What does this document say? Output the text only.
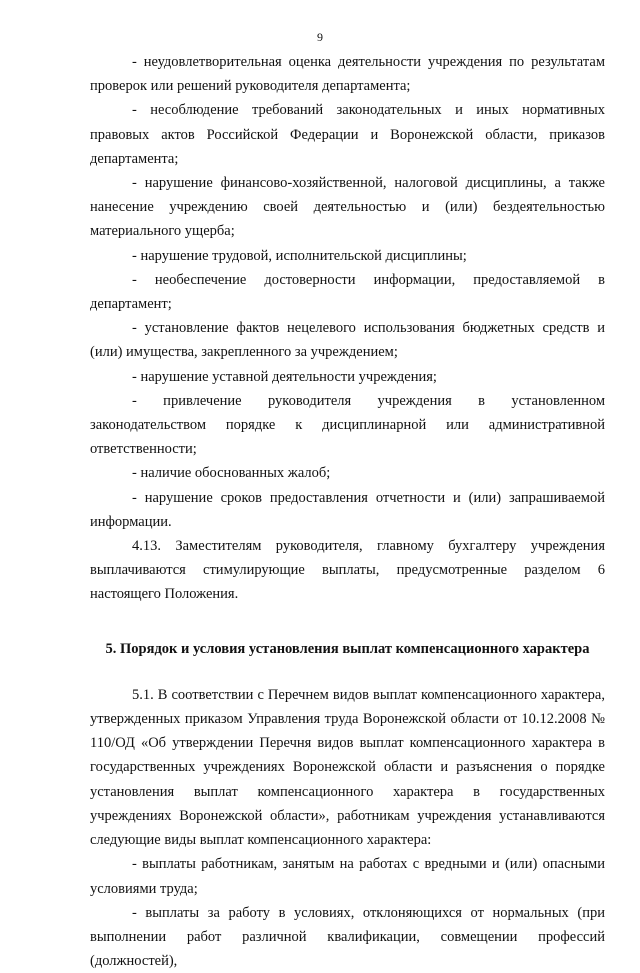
9

- неудовлетворительная оценка деятельности учреждения по результатам проверок или решений руководителя департамента;

- несоблюдение требований законодательных и иных нормативных правовых актов Российской Федерации и Воронежской области, приказов департамента;

- нарушение финансово-хозяйственной, налоговой дисциплины, а также нанесение учреждению своей деятельностью и (или) бездеятельностью материального ущерба;

- нарушение трудовой, исполнительской дисциплины;

- необеспечение достоверности информации, предоставляемой в департамент;

- установление фактов нецелевого использования бюджетных средств и (или) имущества, закрепленного за учреждением;

- нарушение уставной деятельности учреждения;

- привлечение руководителя учреждения в установленном законодательством порядке к дисциплинарной или административной ответственности;

- наличие обоснованных жалоб;

- нарушение сроков предоставления отчетности и (или) запрашиваемой информации.

4.13. Заместителям руководителя, главному бухгалтеру учреждения выплачиваются стимулирующие выплаты, предусмотренные разделом 6 настоящего Положения.

5. Порядок и условия установления выплат компенсационного характера

5.1. В соответствии с Перечнем видов выплат компенсационного характера, утвержденных приказом Управления труда Воронежской области от 10.12.2008 № 110/ОД «Об утверждении Перечня видов выплат компенсационного характера в государственных учреждениях Воронежской области и разъяснения о порядке установления выплат компенсационного характера в государственных учреждениях Воронежской области», работникам учреждения устанавливаются следующие виды выплат компенсационного характера:

- выплаты работникам, занятым на работах с вредными и (или) опасными условиями труда;

- выплаты за работу в условиях, отклоняющихся от нормальных (при выполнении работ различной квалификации, совмещении профессий (должностей),
